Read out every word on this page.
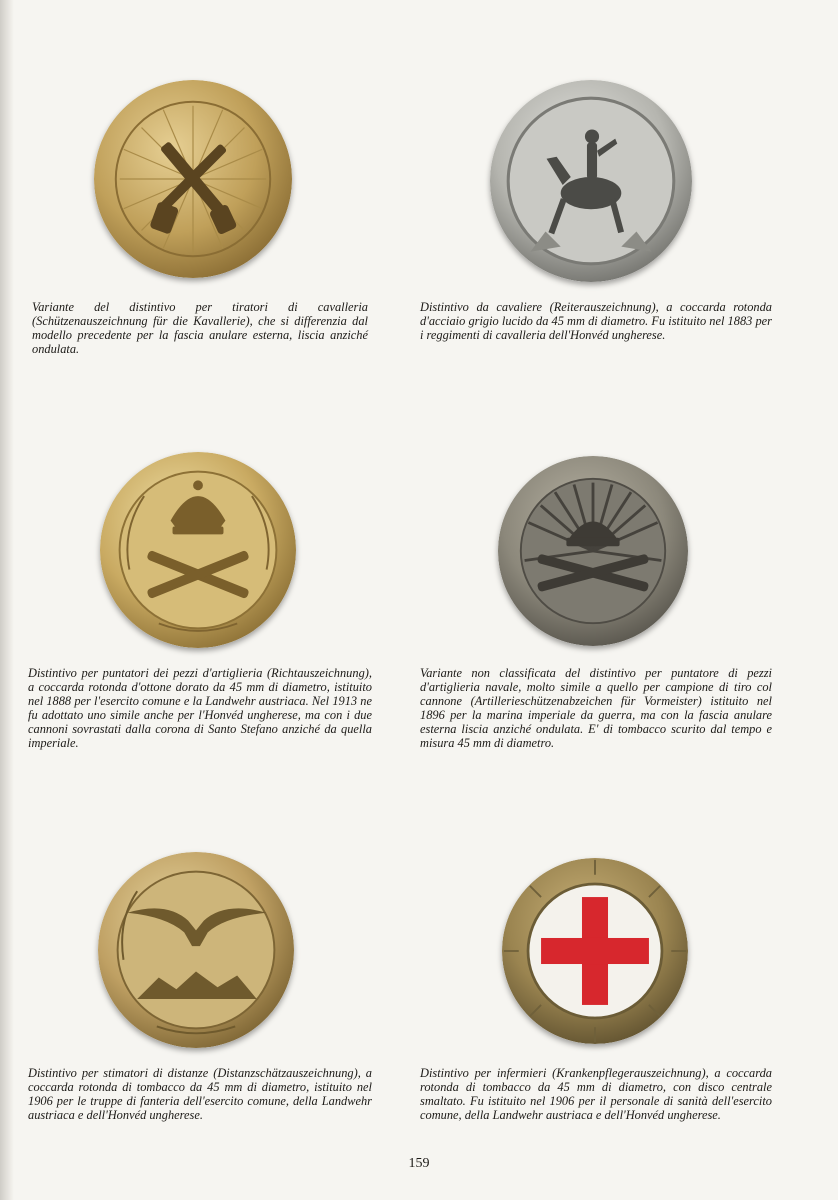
Variante del distintivo per tiratori di cavalleria (Schützenauszeichnung für die Kavallerie), che si differenzia dal modello precedente per la fascia anulare esterna, liscia anziché ondulata.

Distintivo da cavaliere (Reiterauszeichnung), a coccarda rotonda d'acciaio grigio lucido da 45 mm di diametro. Fu istituito nel 1883 per i reggimenti di cavalleria dell'Honvéd ungherese.

Distintivo per puntatori dei pezzi d'artiglieria (Richtauszeichnung), a coccarda rotonda d'ottone dorato da 45 mm di diametro, istituito nel 1888 per l'esercito comune e la Landwehr austriaca. Nel 1913 ne fu adottato uno simile anche per l'Honvéd ungherese, ma con i due cannoni sovrastati dalla corona di Santo Stefano anziché da quella imperiale.

Variante non classificata del distintivo per puntatore di pezzi d'artiglieria navale, molto simile a quello per campione di tiro col cannone (Artillerieschützenabzeichen für Vormeister) istituito nel 1896 per la marina imperiale da guerra, ma con la fascia anulare esterna liscia anziché ondulata. E' di tombacco scurito dal tempo e misura 45 mm di diametro.

Distintivo per stimatori di distanze (Distanzschätzauszeichnung), a coccarda rotonda di tombacco da 45 mm di diametro, istituito nel 1906 per le truppe di fanteria dell'esercito comune, della Landwehr austriaca e dell'Honvéd ungherese.

Distintivo per infermieri (Krankenpflegerauszeichnung), a coccarda rotonda di tombacco da 45 mm di diametro, con disco centrale smaltato. Fu istituito nel 1906 per il personale di sanità dell'esercito comune, della Landwehr austriaca e dell'Honvéd ungherese.

159
